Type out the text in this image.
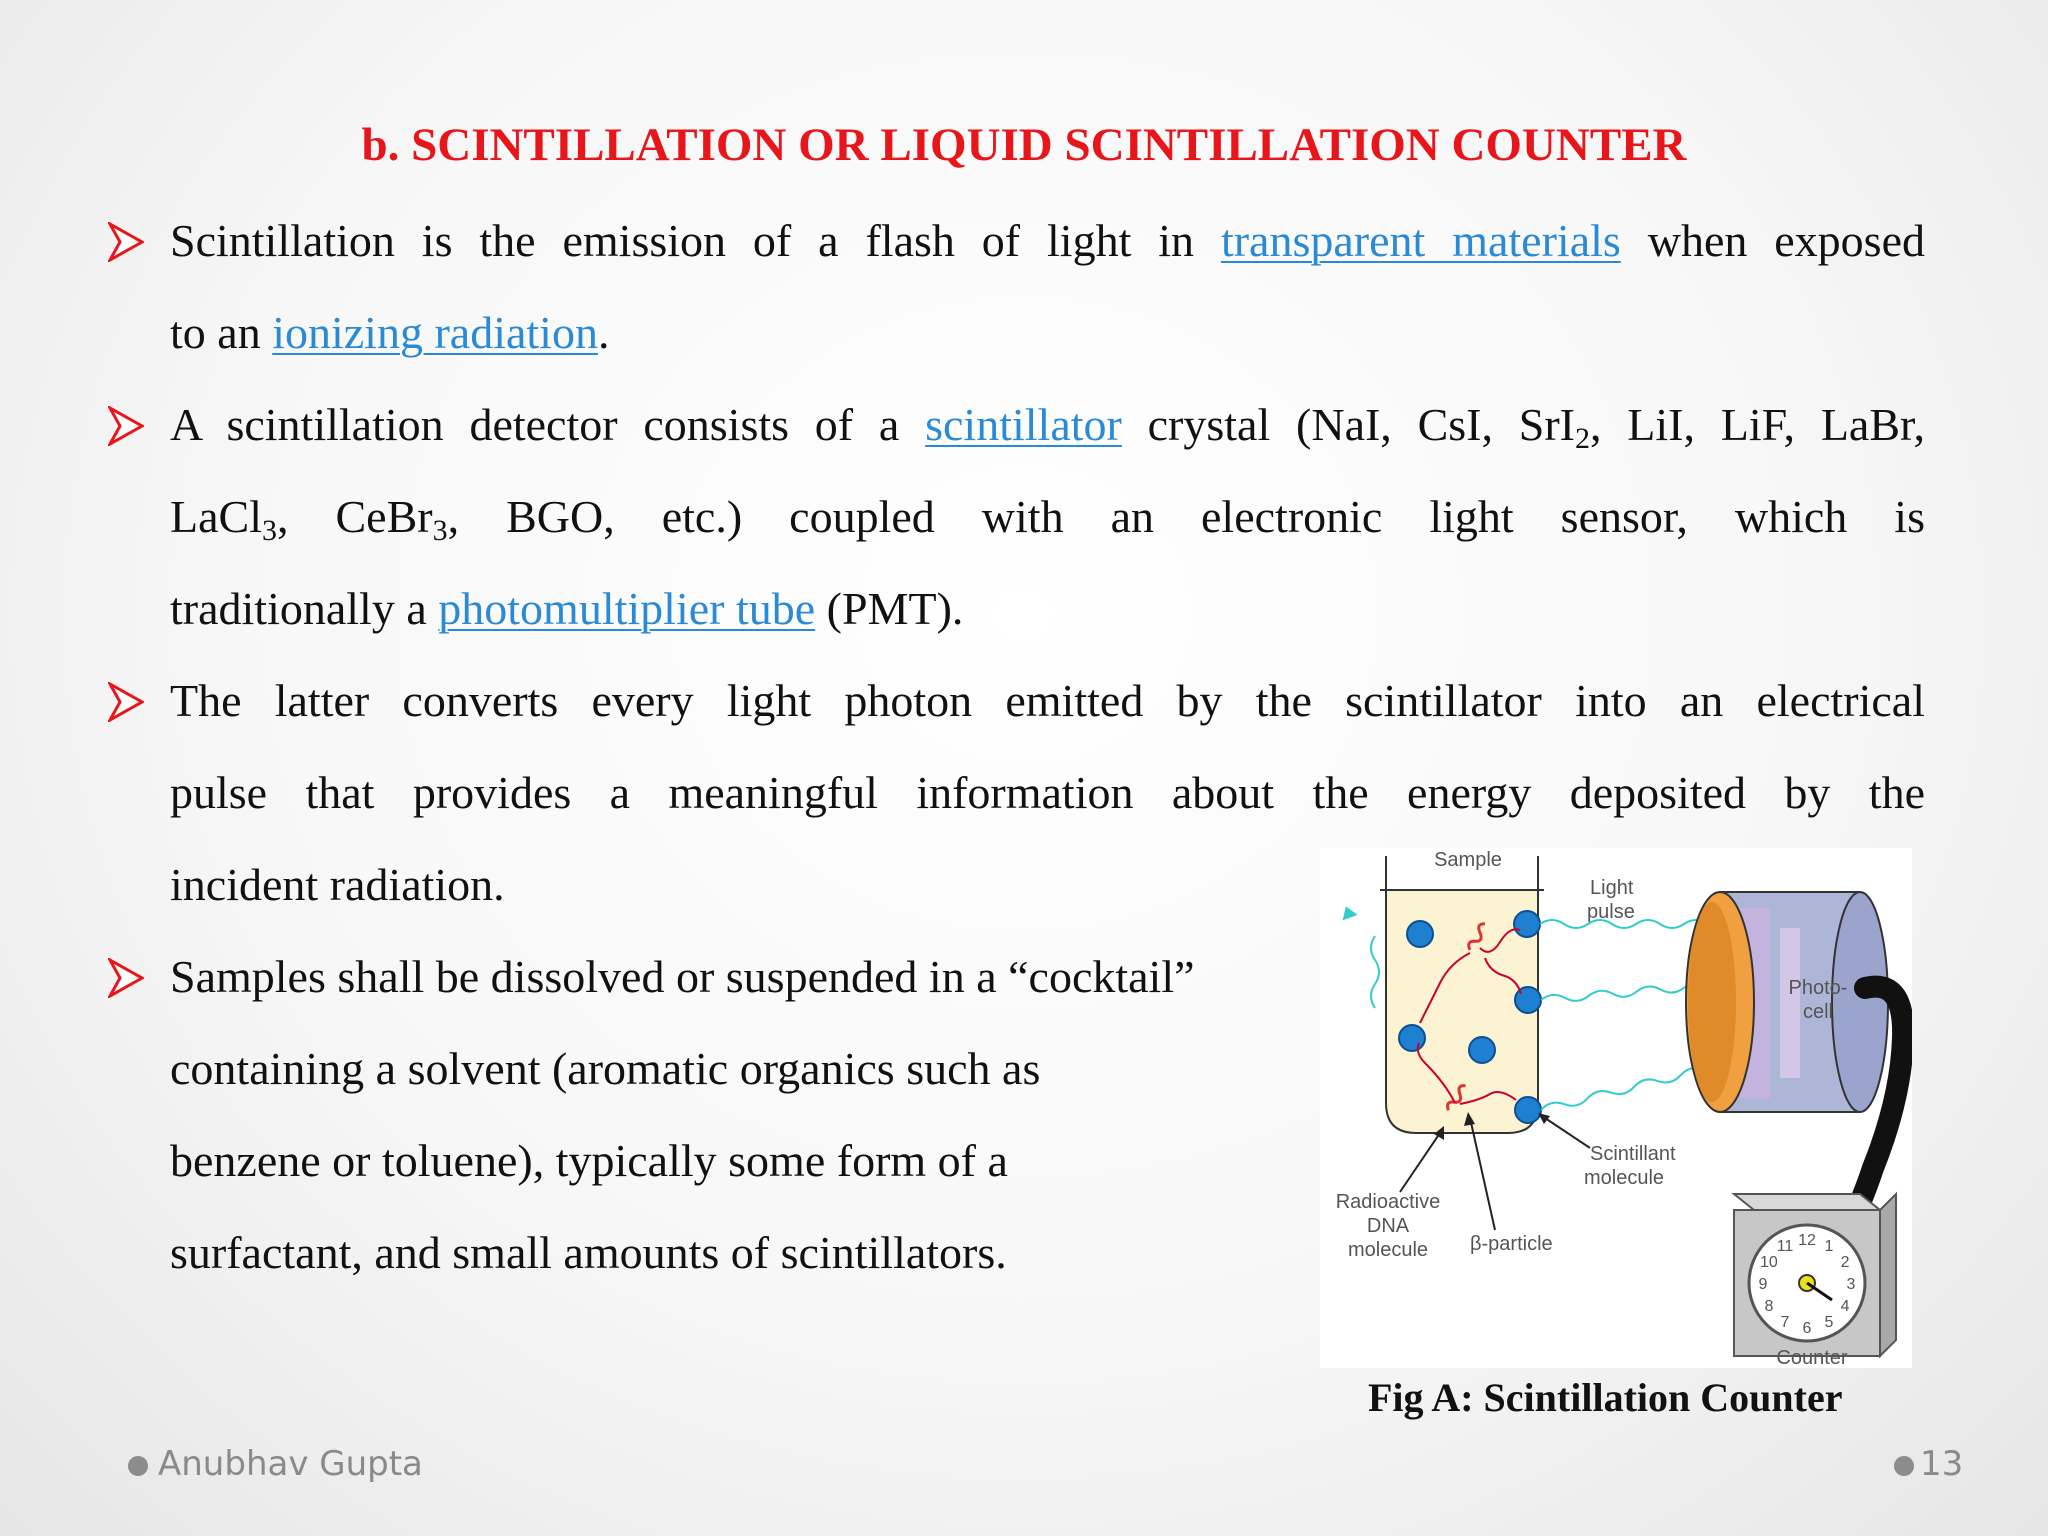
b. SCINTILLATION OR LIQUID SCINTILLATION COUNTER
Scintillation is the emission of a flash of light in transparent materials when exposed
to an ionizing radiation.
A scintillation detector consists of a scintillator crystal (NaI, CsI, SrI$_2$, LiI, LiF, LaBr,
LaCl$_3$, CeBr$_3$, BGO, etc.) coupled with an electronic light sensor, which is
traditionally a photomultiplier tube (PMT).
The latter converts every light photon emitted by the scintillator into an electrical
pulse that provides a meaningful information about the energy deposited by the
incident radiation.
Samples shall be dissolved or suspended in a “cocktail”
containing a solvent (aromatic organics such as
benzene or toluene), typically some form of a
surfactant, and small amounts of scintillators.
Sample
Light
pulse
Photo-
cell
12 1
2
3
4
5
6
7
8
9
10
11
Counter
Scintillant
molecule
Radioactive
DNA
molecule β-particle
Fig A: Scintillation Counter
Anubhav Gupta	13
